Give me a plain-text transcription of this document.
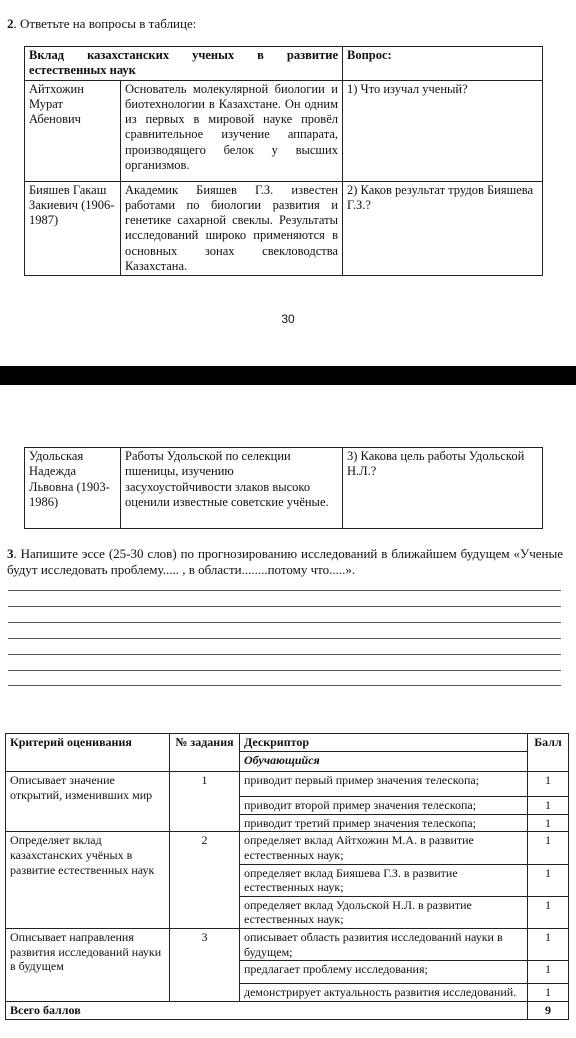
2. Ответьте на вопросы в таблице:
Вклад казахстанских ученых в развитие естественных наук		Вопрос:
Айтхожин Мурат Абенович	Основатель молекулярной биологии и биотехнологии в Казахстане. Он одним из первых в мировой науке провёл сравнительное изучение аппарата, производящего белок у высших организмов.	1) Что изучал ученый?
Бияшев Гакаш Закиевич (1906-1987)	Академик Бияшев Г.З. известен работами по биологии развития и генетике сахарной свеклы. Результаты исследований широко применяются в основных зонах свекловодства Казахстана.	2) Каков результат трудов Бияшева Г.З.?
30
Удольская Надежда Львовна (1903-1986)	Работы Удольской по селекции пшеницы, изучению засухоустойчивости злаков высоко оценили известные советские учёные.	3) Какова цель работы Удольской Н.Л.?
3. Напишите эссе (25-30 слов) по прогнозированию исследований в ближайшем будущем «Ученые будут исследовать проблему..... , в области........потому что.....».
Критерий оценивания	№ задания	Дескриптор	Балл
		Обучающийся	
Описывает значение открытий, изменивших мир	1	приводит первый пример значения телескопа;	1
		приводит второй пример значения телескопа;	1
		приводит третий пример значения телескопа;	1
Определяет вклад казахстанских учёных в развитие естественных наук	2	определяет вклад Айтхожин М.А. в развитие естественных наук;	1
		определяет вклад Бияшева Г.З. в развитие естественных наук;	1
		определяет вклад Удольской Н.Л. в развитие естественных наук;	1
Описывает направления развития исследований науки в будущем	3	описывает область развития исследований науки в будущем;	1
		предлагает проблему исследования;	1
		демонстрирует актуальность развития исследований.	1
Всего баллов			9
